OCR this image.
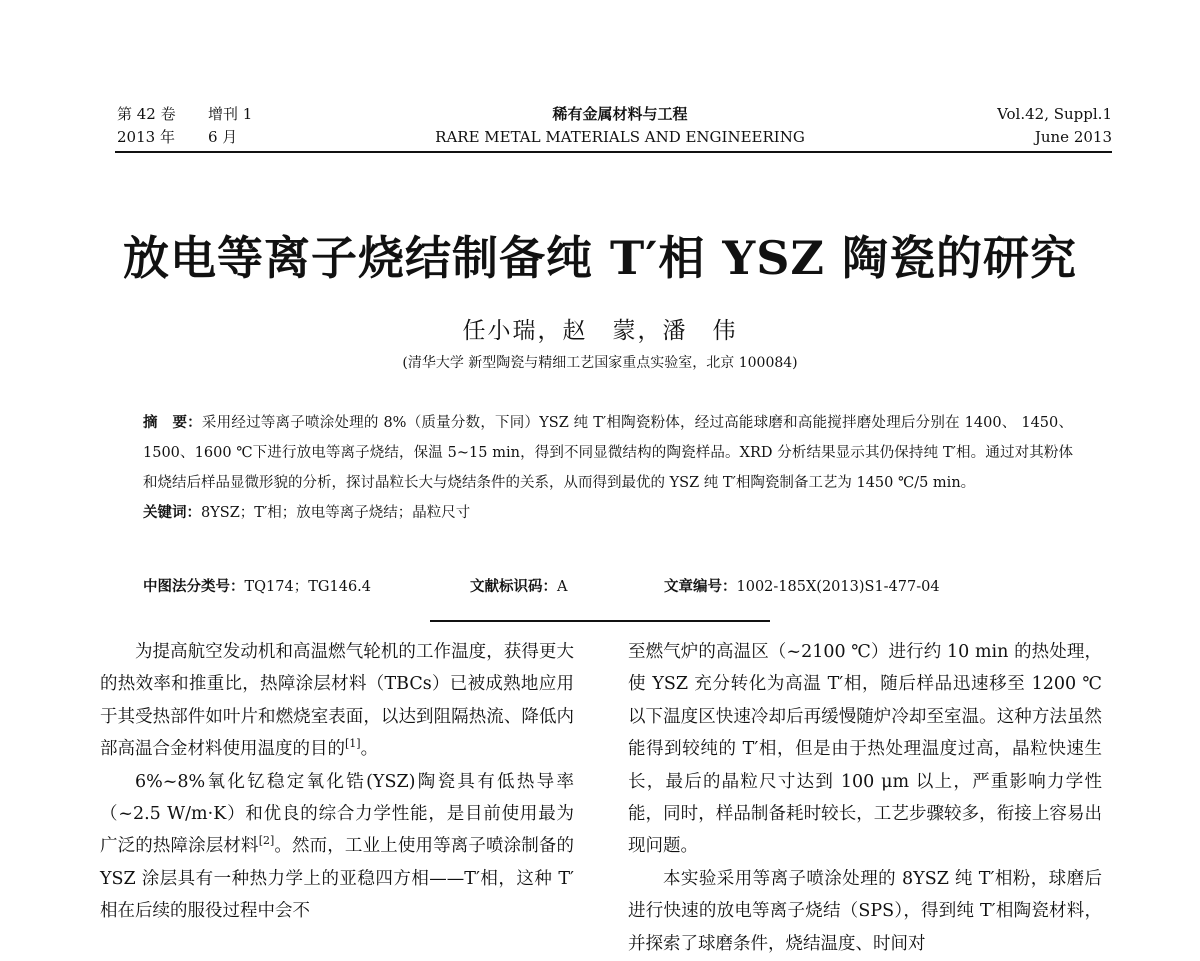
第 42 卷 增刊 1
2013 年 6 月
稀有金属材料与工程
RARE METAL MATERIALS AND ENGINEERING
Vol.42, Suppl.1
June 2013
放电等离子烧结制备纯 T′相 YSZ 陶瓷的研究
任小瑞，赵　蒙，潘　伟
(清华大学 新型陶瓷与精细工艺国家重点实验室，北京 100084)

摘　要：采用经过等离子喷涂处理的 8%（质量分数，下同）YSZ 纯 T′相陶瓷粉体，经过高能球磨和高能搅拌磨处理后分别在 1400、 1450、1500、1600 ℃下进行放电等离子烧结，保温 5~15 min，得到不同显微结构的陶瓷样品。XRD 分析结果显示其仍保持纯 T′相。通过对其粉体和烧结后样品显微形貌的分析，探讨晶粒长大与烧结条件的关系，从而得到最优的 YSZ 纯 T′相陶瓷制备工艺为 1450 ℃/5 min。

关键词：8YSZ；T′相；放电等离子烧结；晶粒尺寸

中图法分类号：TQ174；TG146.4	文献标识码：A	文章编号：1002-185X(2013)S1-477-04

为提高航空发动机和高温燃气轮机的工作温度，获得更大的热效率和推重比，热障涂层材料（TBCs）已被成熟地应用于其受热部件如叶片和燃烧室表面，以达到阻隔热流、降低内部高温合金材料使用温度的目的[1]。

6%~8%氧化钇稳定氧化锆(YSZ)陶瓷具有低热导率（~2.5 W/m·K）和优良的综合力学性能，是目前使用最为广泛的热障涂层材料[2]。然而，工业上使用等离子喷涂制备的 YSZ 涂层具有一种热力学上的亚稳四方相——T′相，这种 T′相在后续的服役过程中会不

至燃气炉的高温区（~2100 ℃）进行约 10 min 的热处理，使 YSZ 充分转化为高温 T′相，随后样品迅速移至 1200 ℃以下温度区快速冷却后再缓慢随炉冷却至室温。这种方法虽然能得到较纯的 T′相，但是由于热处理温度过高，晶粒快速生长，最后的晶粒尺寸达到 100 μm 以上，严重影响力学性能，同时，样品制备耗时较长，工艺步骤较多，衔接上容易出现问题。

本实验采用等离子喷涂处理的 8YSZ 纯 T′相粉，球磨后进行快速的放电等离子烧结（SPS），得到纯 T′相陶瓷材料，并探索了球磨条件，烧结温度、时间对
